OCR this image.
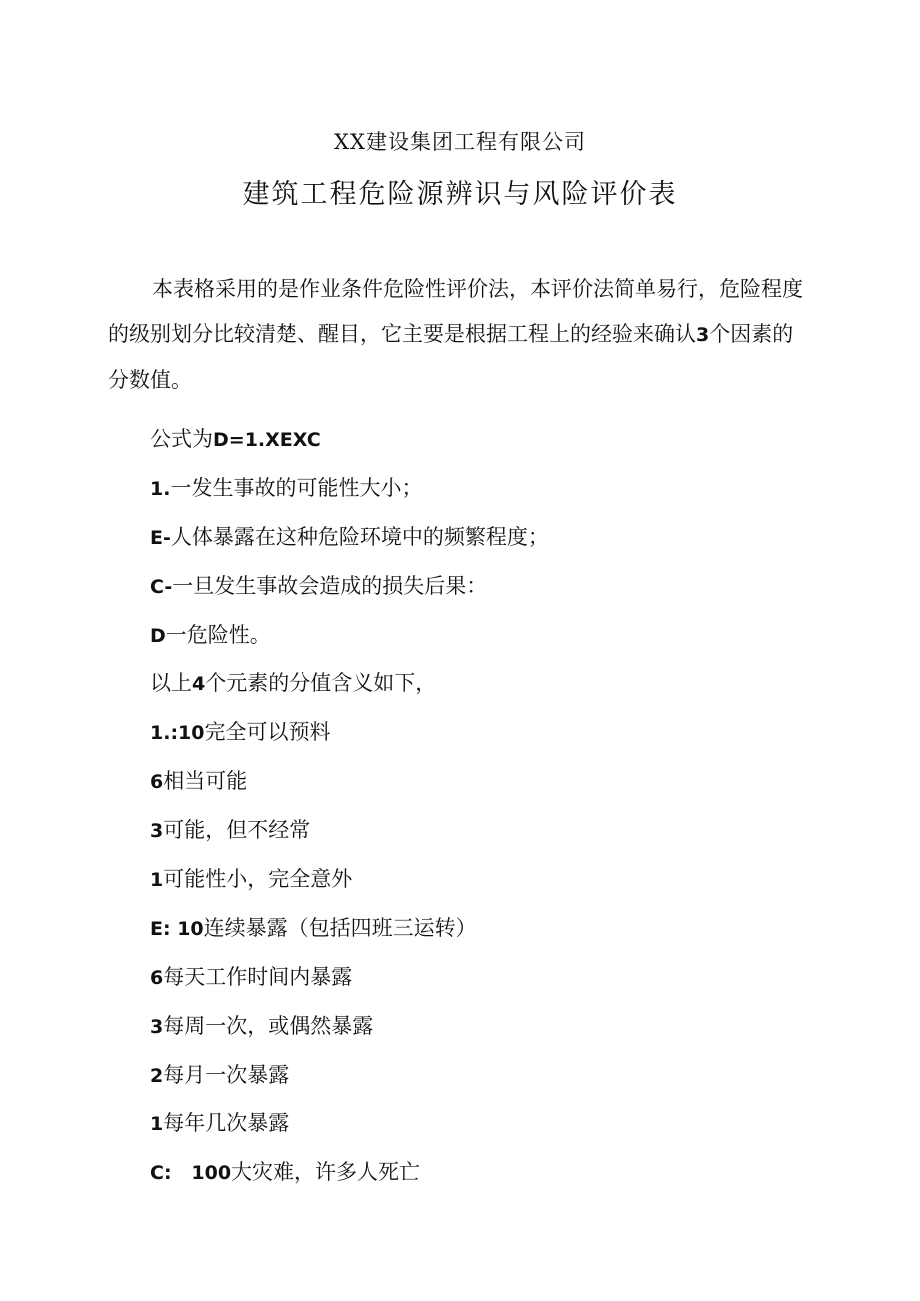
XX建设集团工程有限公司
建筑工程危险源辨识与风险评价表
本表格采用的是作业条件危险性评价法，本评价法简单易行，危险程度
的级别划分比较清楚、醒目，它主要是根据工程上的经验来确认3个因素的
分数值。
公式为D=1.XEXC
1.一发生事故的可能性大小；
E-人体暴露在这种危险环境中的频繁程度；
C-一旦发生事故会造成的损失后果：
D一危险性。
以上4个元素的分值含义如下，
1.:10完全可以预料
6相当可能
3可能，但不经常
1可能性小，完全意外
E: 10连续暴露（包括四班三运转）
6每天工作时间内暴露
3每周一次，或偶然暴露
2每月一次暴露
1每年几次暴露
C:   100大灾难，许多人死亡
